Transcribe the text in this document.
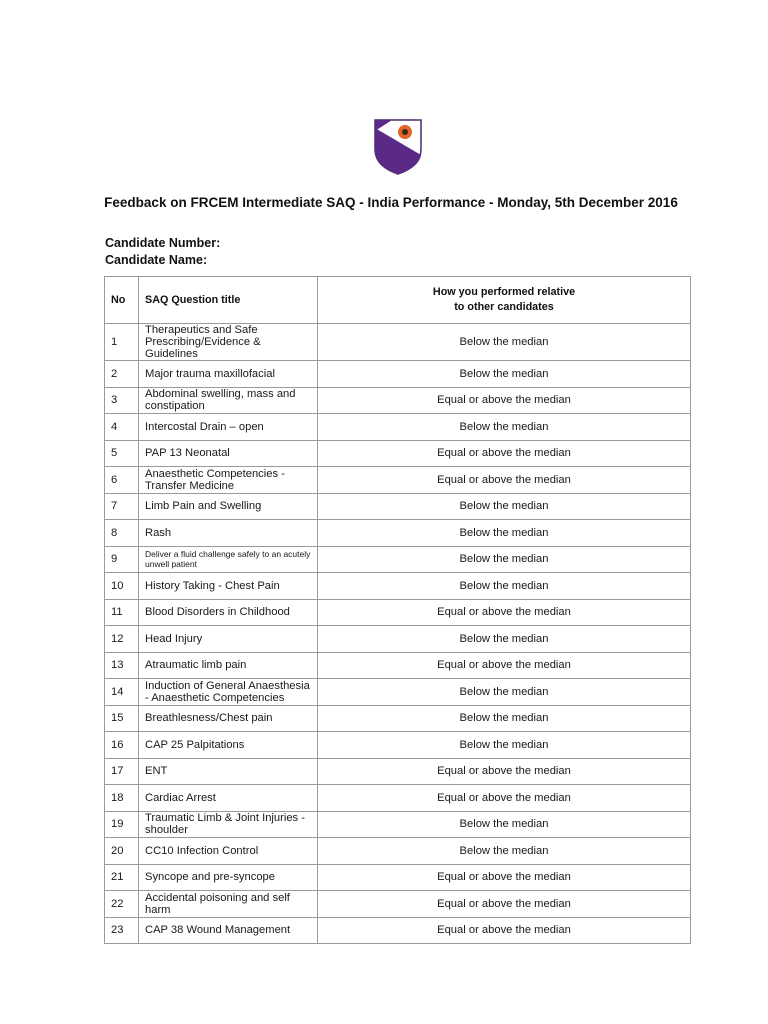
Feedback on FRCEM Intermediate SAQ - India Performance - Monday, 5th December 2016
Candidate Number:
Candidate Name:
No	SAQ Question title	How you performed relative
to other candidates

1	Therapeutics and Safe Prescribing/Evidence & Guidelines	Below the median
2	Major trauma maxillofacial	Below the median
3	Abdominal swelling, mass and constipation	Equal or above the median
4	Intercostal Drain – open	Below the median
5	PAP 13 Neonatal	Equal or above the median
6	Anaesthetic Competencies - Transfer Medicine	Equal or above the median
7	Limb Pain and Swelling	Below the median
8	Rash	Below the median
9	Deliver a fluid challenge safely to an acutely unwell patient	Below the median
10	History Taking - Chest Pain	Below the median
11	Blood Disorders in Childhood	Equal or above the median
12	Head Injury	Below the median
13	Atraumatic limb pain	Equal or above the median
14	Induction of General Anaesthesia - Anaesthetic Competencies	Below the median
15	Breathlesness/Chest pain	Below the median
16	CAP 25 Palpitations	Below the median
17	ENT	Equal or above the median
18	Cardiac Arrest	Equal or above the median
19	Traumatic Limb & Joint Injuries - shoulder	Below the median
20	CC10 Infection Control	Below the median
21	Syncope and pre-syncope	Equal or above the median
22	Accidental poisoning and self harm	Equal or above the median
23	CAP 38 Wound Management	Equal or above the median
